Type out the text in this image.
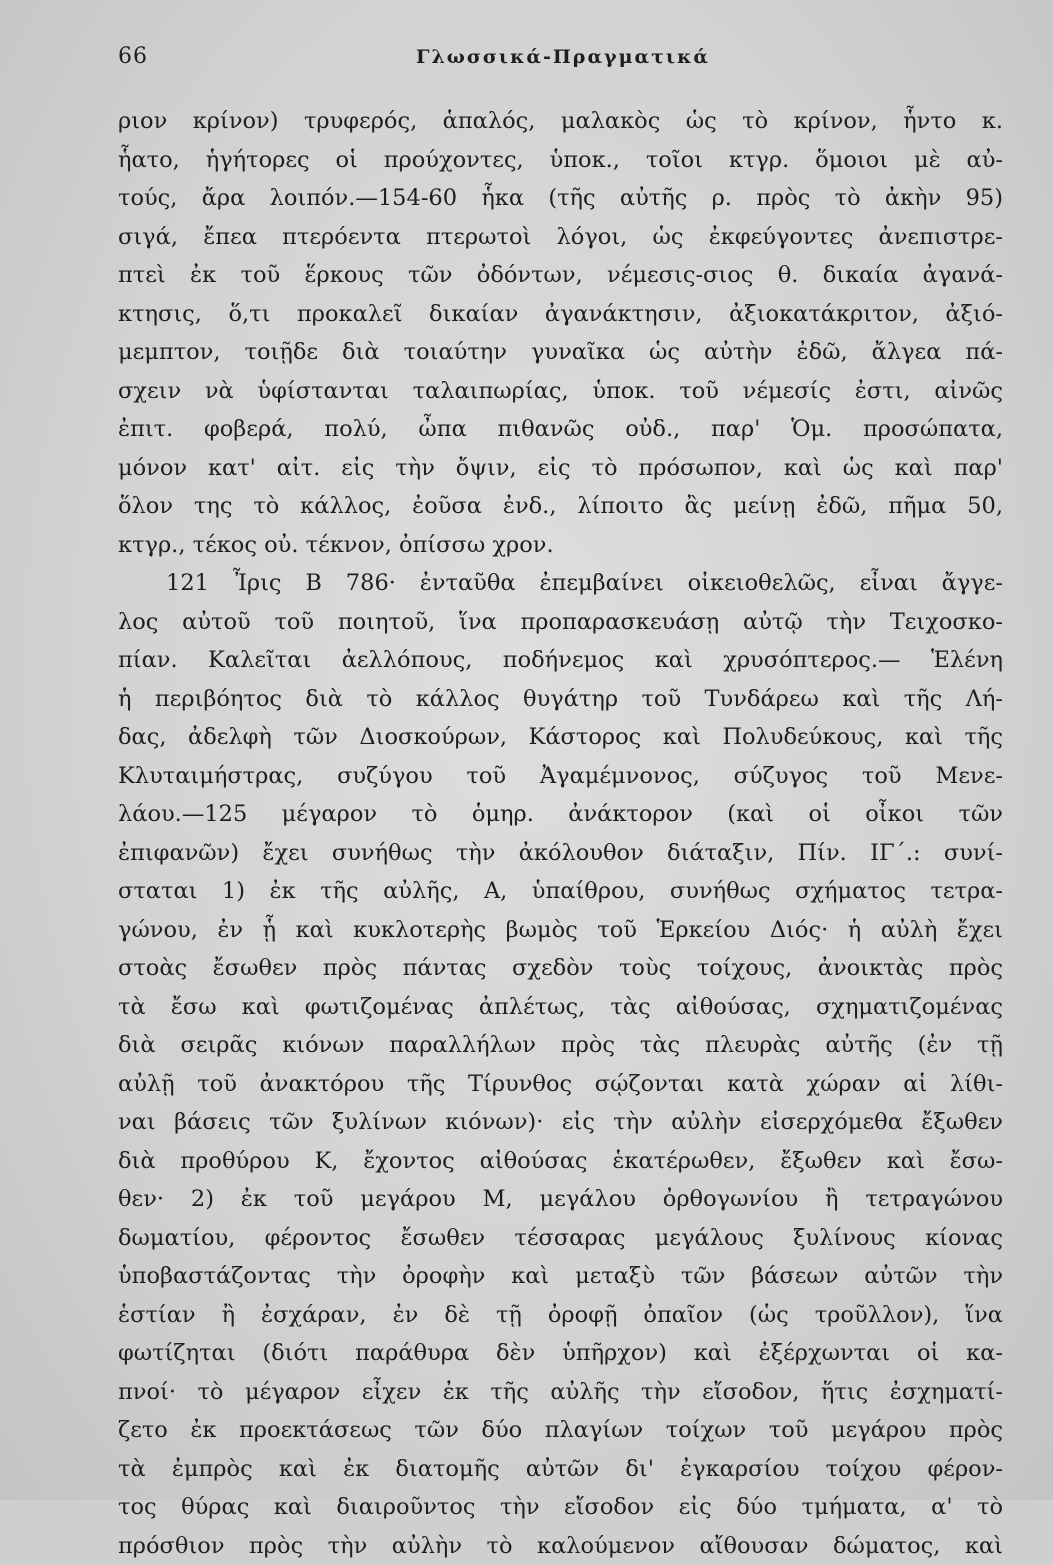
66	Γλωσσικά-Πραγματικά
ριον κρίνον) τρυφερός, ἁπαλός, μαλακὸς ὡς τὸ κρίνον, ἧντο κ.
ἧατο, ἡγήτορες οἱ προύχοντες, ὑποκ., τοῖοι κτγρ. ὅμοιοι μὲ αὐ-
τούς, ἄρα λοιπόν.—154-60 ἧκα (τῆς αὐτῆς ρ. πρὸς τὸ ἀκὴν 95)
σιγά, ἔπεα πτερόεντα πτερωτοὶ λόγοι, ὡς ἐκφεύγοντες ἀνεπιστρε-
πτεὶ ἐκ τοῦ ἕρκους τῶν ὀδόντων, νέμεσις-σιος θ. δικαία ἀγανά-
κτησις, ὅ,τι προκαλεῖ δικαίαν ἀγανάκτησιν, ἀξιοκατάκριτον, ἀξιό-
μεμπτον, τοιῇδε διὰ τοιαύτην γυναῖκα ὡς αὐτὴν ἐδῶ, ἄλγεα πά-
σχειν νὰ ὑφίστανται ταλαιπωρίας, ὑποκ. τοῦ νέμεσίς ἐστι, αἰνῶς
ἐπιτ. φοβερά, πολύ, ὦπα πιθανῶς οὐδ., παρ' Ὁμ. προσώπατα,
μόνον κατ' αἰτ. εἰς τὴν ὄψιν, εἰς τὸ πρόσωπον, καὶ ὡς καὶ παρ'
ὅλον της τὸ κάλλος, ἐοῦσα ἐνδ., λίποιτο ἂς μείνῃ ἐδῶ, πῆμα 50,
κτγρ., τέκος οὐ. τέκνον, ὀπίσσω χρον.
121 Ἶρις Β 786· ἐνταῦθα ἐπεμβαίνει οἰκειοθελῶς, εἶναι ἄγγε-
λος αὐτοῦ τοῦ ποιητοῦ, ἵνα προπαρασκευάσῃ αὐτῷ τὴν Τειχοσκο-
πίαν. Καλεῖται ἀελλόπους, ποδήνεμος καὶ χρυσόπτερος.— Ἑλένη
ἡ περιβόητος διὰ τὸ κάλλος θυγάτηρ τοῦ Τυνδάρεω καὶ τῆς Λή-
δας, ἀδελφὴ τῶν Διοσκούρων, Κάστορος καὶ Πολυδεύκους, καὶ τῆς
Κλυταιμήστρας, συζύγου τοῦ Ἀγαμέμνονος, σύζυγος τοῦ Μενε-
λάου.—125 μέγαρον τὸ ὁμηρ. ἀνάκτορον (καὶ οἱ οἶκοι τῶν
ἐπιφανῶν) ἔχει συνήθως τὴν ἀκόλουθον διάταξιν, Πίν. ΙΓ΄.: συνί-
σταται 1) ἐκ τῆς αὐλῆς, Α, ὑπαίθρου, συνήθως σχήματος τετρα-
γώνου, ἐν ᾗ καὶ κυκλοτερὴς βωμὸς τοῦ Ἑρκείου Διός· ἡ αὐλὴ ἔχει
στοὰς ἔσωθεν πρὸς πάντας σχεδὸν τοὺς τοίχους, ἀνοικτὰς πρὸς
τὰ ἔσω καὶ φωτιζομένας ἀπλέτως, τὰς αἰθούσας, σχηματιζομένας
διὰ σειρᾶς κιόνων παραλλήλων πρὸς τὰς πλευρὰς αὐτῆς (ἐν τῇ
αὐλῇ τοῦ ἀνακτόρου τῆς Τίρυνθος σῴζονται κατὰ χώραν αἱ λίθι-
ναι βάσεις τῶν ξυλίνων κιόνων)· εἰς τὴν αὐλὴν εἰσερχόμεθα ἔξωθεν
διὰ προθύρου Κ, ἔχοντος αἰθούσας ἑκατέρωθεν, ἔξωθεν καὶ ἔσω-
θεν· 2) ἐκ τοῦ μεγάρου Μ, μεγάλου ὀρθογωνίου ἢ τετραγώνου
δωματίου, φέροντος ἔσωθεν τέσσαρας μεγάλους ξυλίνους κίονας
ὑποβαστάζοντας τὴν ὀροφὴν καὶ μεταξὺ τῶν βάσεων αὐτῶν τὴν
ἑστίαν ἢ ἐσχάραν, ἐν δὲ τῇ ὀροφῇ ὀπαῖον (ὡς τροῦλλον), ἵνα
φωτίζηται (διότι παράθυρα δὲν ὑπῆρχον) καὶ ἐξέρχωνται οἱ κα-
πνοί· τὸ μέγαρον εἶχεν ἐκ τῆς αὐλῆς τὴν εἴσοδον, ἥτις ἐσχηματί-
ζετο ἐκ προεκτάσεως τῶν δύο πλαγίων τοίχων τοῦ μεγάρου πρὸς
τὰ ἐμπρὸς καὶ ἐκ διατομῆς αὐτῶν δι' ἐγκαρσίου τοίχου φέρον-
τος θύρας καὶ διαιροῦντος τὴν εἴσοδον εἰς δύο τμήματα, α' τὸ
πρόσθιον πρὸς τὴν αὐλὴν τὸ καλούμενον αἴθουσαν δώματος, καὶ
